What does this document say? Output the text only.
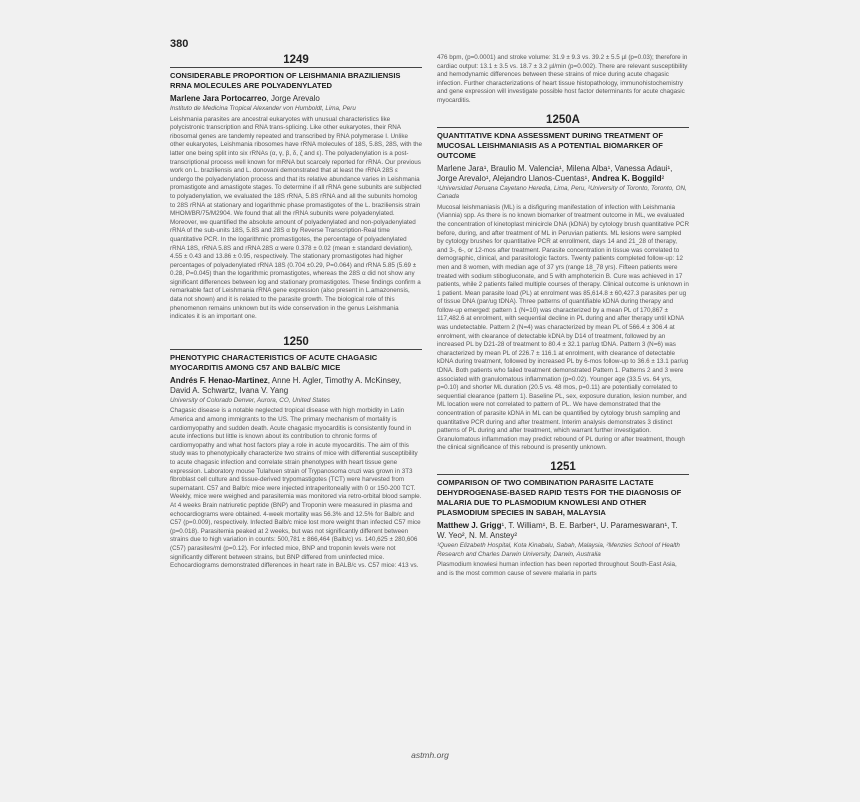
380
1249
CONSIDERABLE PROPORTION OF LEISHMANIA BRAZILIENSIS RRNA MOLECULES ARE POLYADENYLATED
Marlene Jara Portocarreo, Jorge Arevalo
Instituto de Medicina Tropical Alexander von Humboldt, Lima, Peru
Leishmania parasites are ancestral eukaryotes with unusual characteristics like polycistronic transcription and RNA trans-splicing. Like other eukaryotes, their RNA ribosomal genes are tandemly repeated and transcribed by RNA polymerase I. Unlike other eukaryotes, Leishmania ribosomes have rRNA molecules of 18S, 5.8S, 28S, with the latter one being split into six rRNAs (α, γ, β, δ, ζ and ε). The polyadenylation is a post-transcriptional process well known for mRNA but scarcely reported for rRNA. Our previous work on L. braziliensis and L. donovani demonstrated that at least the rRNA 28S ε undergo the polyadenylation process and that its relative abundance varies in Leishmania promastigote and amastigote stages. To determine if all rRNA gene subunits are subjected to polyadenylation, we evaluated the 18S rRNA, 5.8S rRNA and all the subunits homolog to 28S rRNA at stationary and logarithmic phase promastigotes of the L. braziliensis strain MHOM/BR/75/M2904. We found that all the rRNA subunits were polyadenylated. Moreover, we quantified the absolute amount of polyadenylated and non-polyadenylated rRNA of the sub-units 18S, 5.8S and 28S α by Reverse Transcription-Real time quantitative PCR. In the logarithmic promastigotes, the percentage of polyadenylated rRNA 18S, rRNA 5.8S and rRNA 28S α were 0.378 ± 0.02 (mean ± standard deviation), 4.55 ± 0.43 and 13.86 ± 0.95, respectively. The stationary promastigotes had higher percentages of polyadenylated rRNA 18S (0.704 ±0.29, P=0.064) and rRNA 5.85 (5.69 ± 0.28, P=0.045) than the logarithmic promastigotes, whereas the 28S α did not show any significant differences between log and stationary promastigotes. These findings confirm a remarkable fact of Leishmania rRNA gene expression (also present in L.amazonensis, data not shown) and it is related to the parasite growth. The biological role of this phenomenon remains unknown but its wide conservation in the genus Leishmania indicates it is an important one.
1250
PHENOTYPIC CHARACTERISTICS OF ACUTE CHAGASIC MYOCARDITIS AMONG C57 AND BALB/C MICE
Andrés F. Henao-Martinez, Anne H. Agler, Timothy A. McKinsey, David A. Schwartz, Ivana V. Yang
University of Colorado Denver, Aurora, CO, United States
Chagasic disease is a notable neglected tropical disease with high morbidity in Latin America and among immigrants to the US. The primary mechanism of mortality is cardiomyopathy and sudden death. Acute chagasic myocarditis is consistently found in acute infections but little is known about its contribution to chronic forms of cardiomyopathy and what host factors play a role in acute myocarditis. The aim of this study was to phenotypically characterize two strains of mice with differential susceptibility to acute chagasic infection and correlate strain phenotypes with heart tissue gene expression. Laboratory mouse Tulahuen strain of Trypanosoma cruzi was grown in 3T3 fibroblast cell culture and tissue-derived trypomastigotes (TCT) were harvested from supernatant. C57 and Balb/c mice were injected intraperitoneally with 0 or 150-200 TCT. Weekly, mice were weighed and parasitemia was monitored via retro-orbital blood sample. At 4 weeks Brain natriuretic peptide (BNP) and Troponin were measured in plasma and echocardiograms were obtained. 4-week mortality was 56.3% and 12.5% for Balb/c and C57 (p=0.009), respectively. Infected Balb/c mice lost more weight than infected C57 mice (p=0.018). Parasitemia peaked at 2 weeks, but was not significantly different between strains due to high variation in counts: 500,781 ± 866,464 (Balb/c) vs. 140,625 ± 280,606 (C57) parasites/ml (p=0.12). For infected mice, BNP and troponin levels were not significantly different between strains, but BNP differed from uninfected mice. Echocardiograms demonstrated differences in heart rate in BALB/c vs. C57 mice: 413 vs.
476 bpm, (p=0.0001) and stroke volume: 31.9 ± 9.3 vs. 39.2 ± 5.5 µl (p=0.03); therefore in cardiac output: 13.1 ± 3.5 vs. 18.7 ± 3.2 µl/min (p=0.002). There are relevant susceptibility and hemodynamic differences between these strains of mice during acute chagasic infection. Further characterizations of heart tissue histopathology, immunohistochemistry and gene expression will investigate possible host factor determinants for acute chagasic myocarditis.
1250A
QUANTITATIVE KDNA ASSESSMENT DURING TREATMENT OF MUCOSAL LEISHMANIASIS AS A POTENTIAL BIOMARKER OF OUTCOME
Marlene Jara¹, Braulio M. Valencia¹, Milena Alba¹, Vanessa Adaui¹, Jorge Arevalo¹, Alejandro Llanos-Cuentas¹, Andrea K. Boggild²
¹Universidad Peruana Cayetano Heredia, Lima, Peru, ²University of Toronto, Toronto, ON, Canada
Mucosal leishmaniasis (ML) is a disfiguring manifestation of infection with Leishmania (Viannia) spp. As there is no known biomarker of treatment outcome in ML, we evaluated the concentration of kinetoplast minicircle DNA (kDNA) by cytology brush quantitative PCR before, during, and after treatment of ML in Peruvian patients. ML lesions were sampled by cytology brushes for quantitative PCR at enrollment, days 14 and 21_28 of therapy, and 3-, 6-, or 12-mos after treatment. Parasite concentration in tissue was correlated to demographic, clinical, and parasitologic factors. Twenty patients completed follow-up: 12 men and 8 women, with median age of 37 yrs (range 18_78 yrs). Fifteen patients were treated with sodium stibogluconate, and 5 with amphotericin B. Cure was achieved in 17 patients, while 2 patients failed multiple courses of therapy. Clinical outcome is unknown in 1 patient. Mean parasite load (PL) at enrolment was 85,614.8 ± 60,427.3 parasites per ug of tissue DNA (par/ug tDNA). Three patterns of quantifiable kDNA during therapy and follow-up emerged: pattern 1 (N=10) was characterized by a mean PL of 170,867 ± 117,482.6 at enrolment, with sequential decline in PL during and after therapy until kDNA was undetectable. Pattern 2 (N=4) was characterized by mean PL of 566.4 ± 306.4 at enrolment, with clearance of detectable kDNA by D14 of treatment, followed by an increased PL by D21-28 of treatment to 80.4 ± 32.1 par/ug tDNA. Pattern 3 (N=6) was characterized by mean PL of 226.7 ± 116.1 at enrolment, with clearance of detectable kDNA during treatment, followed by increased PL by 6-mos follow-up to 36.6 ± 13.1 par/ug tDNA. Both patients who failed treatment demonstrated Pattern 1. Patterns 2 and 3 were associated with granulomatous inflammation (p=0.02). Younger age (33.5 vs. 64 yrs, p=0.10) and shorter ML duration (20.5 vs. 48 mos, p=0.11) are potentially correlated to sequential clearance (pattern 1). Baseline PL, sex, exposure duration, lesion number, and ML location were not correlated to pattern of PL. We have demonstrated that the concentration of parasite kDNA in ML can be quantified by cytology brush sampling and quantitative PCR during and after treatment. Interim analysis demonstrates 3 distinct patterns of PL during and after treatment, which warrant further investigation. Granulomatous inflammation may predict rebound of PL during or after treatment, though the clinical significance of this rebound is presently unknown.
1251
COMPARISON OF TWO COMBINATION PARASITE LACTATE DEHYDROGENASE-BASED RAPID TESTS FOR THE DIAGNOSIS OF MALARIA DUE TO PLASMODIUM KNOWLESI AND OTHER PLASMODIUM SPECIES IN SABAH, MALAYSIA
Matthew J. Grigg¹, T. William¹, B. E. Barber¹, U. Parameswaran¹, T. W. Yeo², N. M. Anstey²
¹Queen Elizabeth Hospital, Kota Kinabalu, Sabah, Malaysia, ²Menzies School of Health Research and Charles Darwin University, Darwin, Australia
Plasmodium knowlesi human infection has been reported throughout South-East Asia, and is the most common cause of severe malaria in parts
astmh.org
